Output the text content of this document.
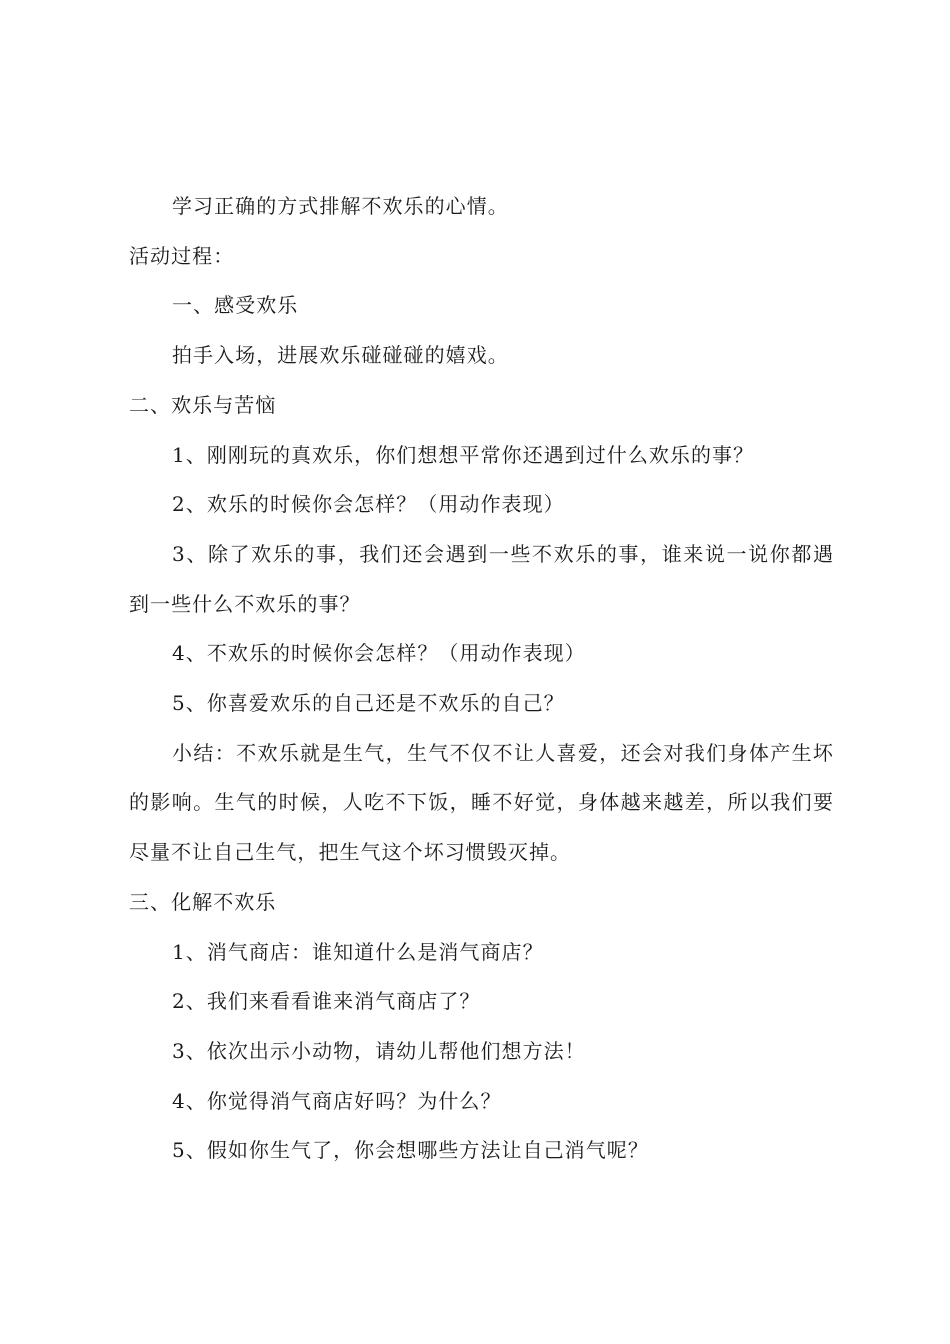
学习正确的方式排解不欢乐的心情。

活动过程：

一、感受欢乐

拍手入场，进展欢乐碰碰碰的嬉戏。

二、欢乐与苦恼

1、刚刚玩的真欢乐，你们想想平常你还遇到过什么欢乐的事？

2、欢乐的时候你会怎样？（用动作表现）

3、除了欢乐的事，我们还会遇到一些不欢乐的事，谁来说一说你都遇到一些什么不欢乐的事？

4、不欢乐的时候你会怎样？（用动作表现）

5、你喜爱欢乐的自己还是不欢乐的自己？

小结：不欢乐就是生气，生气不仅不让人喜爱，还会对我们身体产生坏的影响。生气的时候，人吃不下饭，睡不好觉，身体越来越差，所以我们要尽量不让自己生气，把生气这个坏习惯毁灭掉。

三、化解不欢乐

1、消气商店：谁知道什么是消气商店？

2、我们来看看谁来消气商店了？

3、依次出示小动物，请幼儿帮他们想方法！

4、你觉得消气商店好吗？为什么？

5、假如你生气了，你会想哪些方法让自己消气呢？
